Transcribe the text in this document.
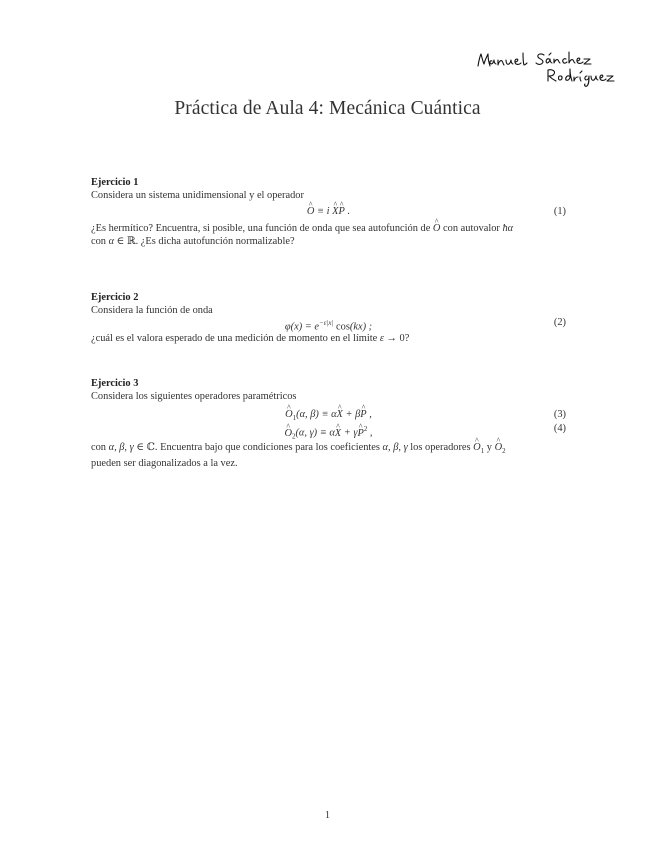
Práctica de Aula 4: Mecánica Cuántica
Ejercicio 1
Considera un sistema unidimensional y el operador
^ O ≡ i ^ X^ P .	(1)
¿Es hermítico? Encuentra, si posible, una función de onda que sea autofunción de ^ O con autovalor ħα
con α ∈ ℝ. ¿Es dicha autofunción normalizable?
Ejercicio 2
Considera la función de onda
$\varphi(x) = e^{-\varepsilon|x|}$ cos(kx) ;	(2)
¿cuál es el valora esperado de una medición de momento en el límite ε → 0?
Ejercicio 3
Considera los siguientes operadores paramétricos
^ $O_1(\alpha$, β) ≡ α^ X + β^ P ,	(3)
^ $O_2(\alpha$, γ) ≡ α^ X + γ^ $P^2$ ,	(4)
con α, β, γ ∈ ℂ. Encuentra bajo que condiciones para los coeficientes α, β, γ los operadores ^ $O_1$ y ^ $O_2$
pueden ser diagonalizados a la vez.
1
